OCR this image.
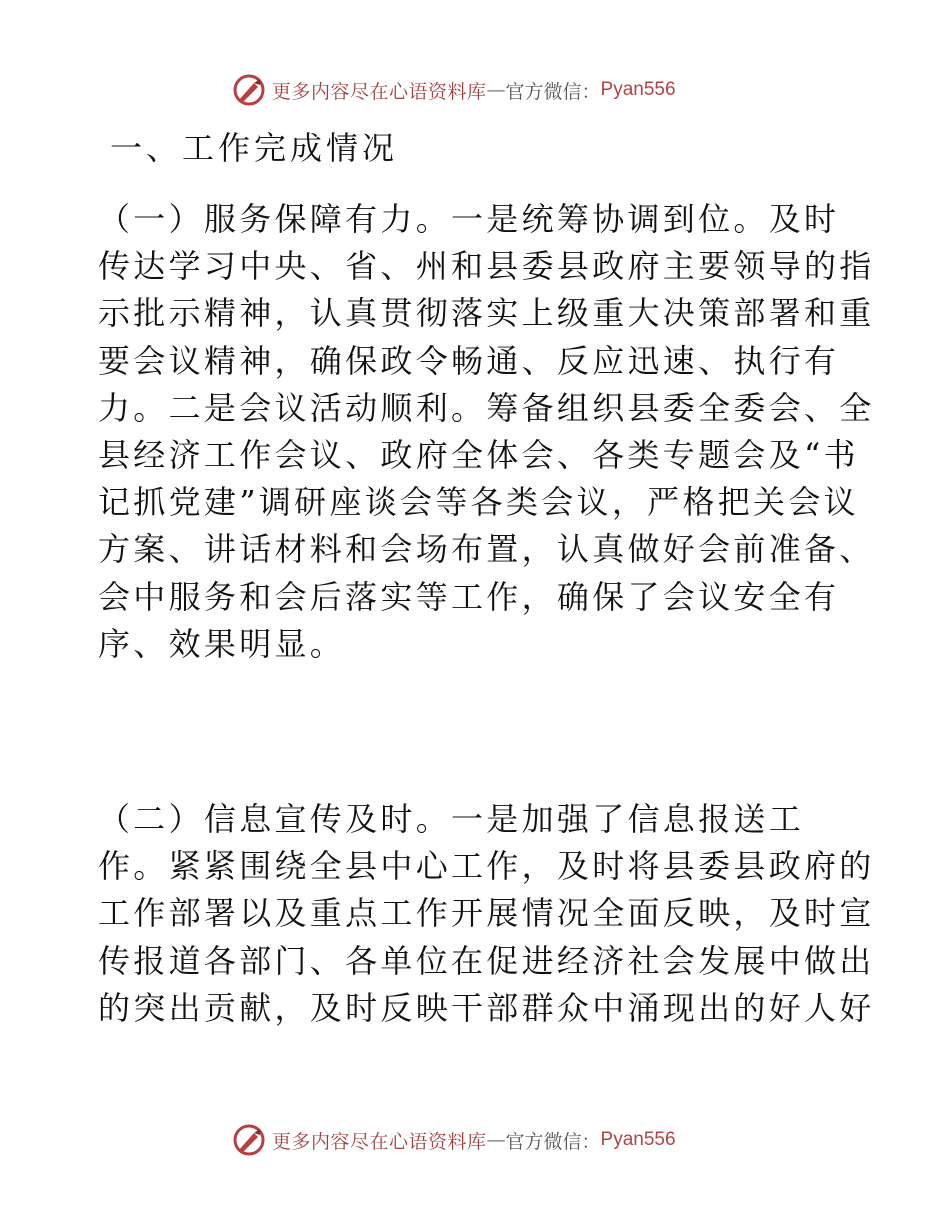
更多内容尽在心语资料库 — 官方微信： Pyan556
一、工作完成情况

（一）服务保障有力。一是统筹协调到位。及时
传达学习中央、省、州和县委县政府主要领导的指
示批示精神，认真贯彻落实上级重大决策部署和重
要会议精神，确保政令畅通、反应迅速、执行有
力。二是会议活动顺利。筹备组织县委全委会、全
县经济工作会议、政府全体会、各类专题会及“书
记抓党建”调研座谈会等各类会议，严格把关会议
方案、讲话材料和会场布置，认真做好会前准备、
会中服务和会后落实等工作，确保了会议安全有
序、效果明显。

（二）信息宣传及时。一是加强了信息报送工
作。紧紧围绕全县中心工作，及时将县委县政府的
工作部署以及重点工作开展情况全面反映，及时宣
传报道各部门、各单位在促进经济社会发展中做出
的突出贡献，及时反映干部群众中涌现出的好人好

更多内容尽在心语资料库 — 官方微信： Pyan556
